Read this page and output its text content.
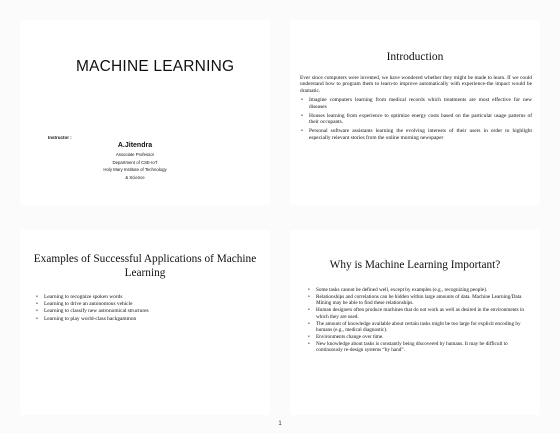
MACHINE LEARNING
Instructor :
A.Jitendra
Associate Professor
Department of CSE-IoT
Holy Mary Institute of Technology
& Science
Introduction

Ever since computers were invented, we have wondered whether they might be made to learn. If we could understand how to program them to learn-to improve automatically with experience-the impact would be dramatic.

• Imagine computers learning from medical records which treatments are most effective for new diseases
• Houses learning from experience to optimize energy costs based on the particular usage patterns of their occupants.
• Personal software assistants learning the evolving interests of their users in order to highlight especially relevant stories from the online morning newspaper
Examples of Successful Applications of Machine Learning
• Learning to recognize spoken words
• Learning to drive an autonomous vehicle
• Learning to classify new astronomical structures
• Learning to play world-class backgammon
Why is Machine Learning Important?
• Some tasks cannot be defined well, except by examples (e.g., recognizing people).
• Relationships and correlations can be hidden within large amounts of data. Machine Learning/Data Mining may be able to find these relationships.
• Human designers often produce machines that do not work as well as desired in the environments in which they are used.
• The amount of knowledge available about certain tasks might be too large for explicit encoding by humans (e.g., medical diagnostic).
• Environments change over time.
• New knowledge about tasks is constantly being discovered by humans. It may be difficult to continuously re-design systems “by hand”.
1
